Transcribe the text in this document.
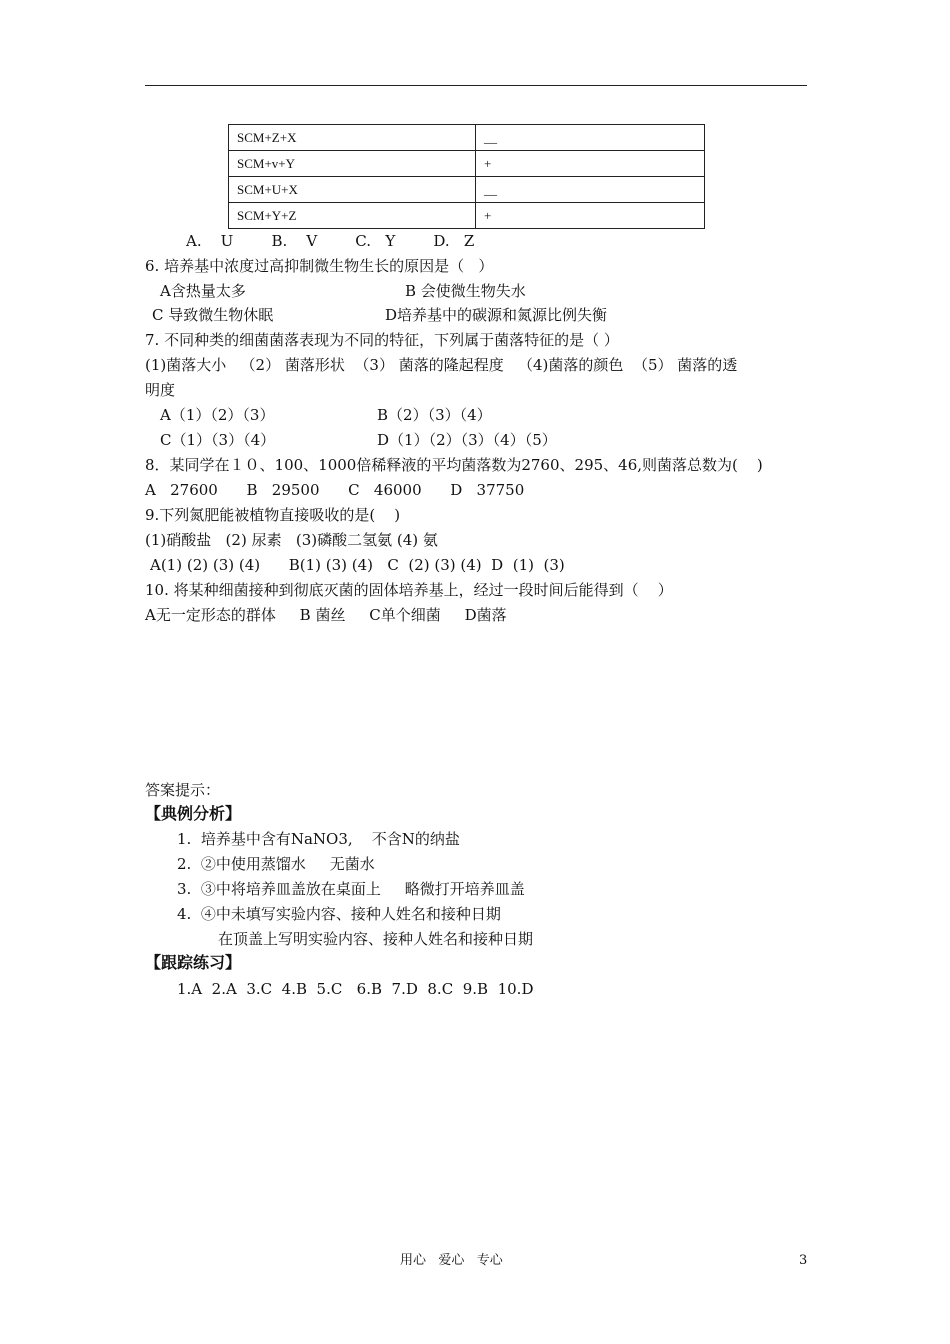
SCM+Z+X	__
SCM+v+Y	+
SCM+U+X	__
SCM+Y+Z	+
A.    U        B.    V        C.   Y        D.   Z
6. 培养基中浓度过高抑制微生物生长的原因是（   ）
A含热量太多	B 会使微生物失水
C 导致微生物休眠	D培养基中的碳源和氮源比例失衡
7. 不同种类的细菌菌落表现为不同的特征，下列属于菌落特征的是（ ）
(1)菌落大小   （2） 菌落形状  （3） 菌落的隆起程度   （4)菌落的颜色  （5） 菌落的透
明度
A（1）（2）（3）	B（2）（3）（4）
C（1）（3）（4）	D（1）（2）（3）（4）（5）
8．某同学在１０、100、1000倍稀释液的平均菌落数为2760、295、46,则菌落总数为(    )
A   27600      B   29500      C   46000      D   37750
9.下列氮肥能被植物直接吸收的是(    )
(1)硝酸盐   (2) 尿素   (3)磷酸二氢氨 (4) 氨
A(1) (2) (3) (4)      B(1) (3) (4)   C  (2) (3) (4)  D  (1)  (3)
10. 将某种细菌接种到彻底灭菌的固体培养基上，经过一段时间后能得到（    ）
A无一定形态的群体     B 菌丝     C单个细菌     D菌落
答案提示：
【典例分析】
1.  培养基中含有NaNO3,    不含N的纳盐
2.  ②中使用蒸馏水     无菌水
3.  ③中将培养皿盖放在桌面上     略微打开培养皿盖
4.  ④中未填写实验内容、接种人姓名和接种日期
在顶盖上写明实验内容、接种人姓名和接种日期
【跟踪练习】
1.A  2.A  3.C  4.B  5.C   6.B  7.D  8.C  9.B  10.D
用心   爱心   专心	3
